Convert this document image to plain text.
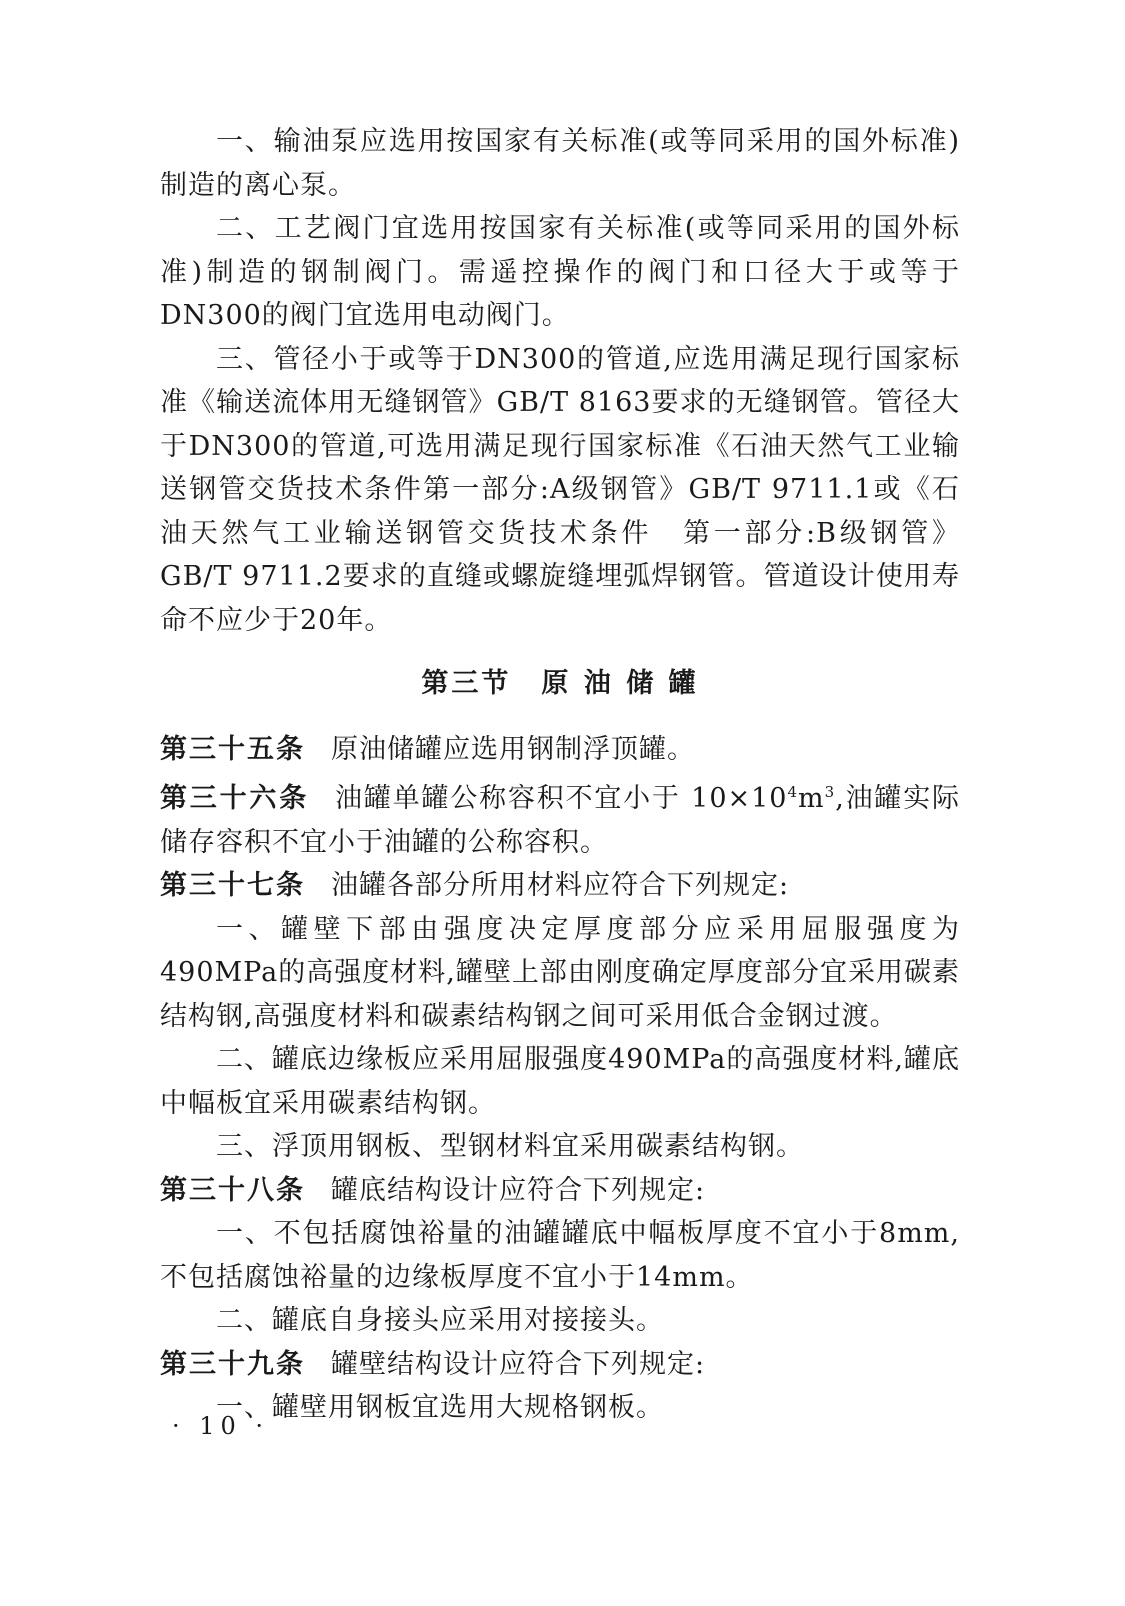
一、输油泵应选用按国家有关标准(或等同采用的国外标准)制造的离心泵。

二、工艺阀门宜选用按国家有关标准(或等同采用的国外标准)制造的钢制阀门。需遥控操作的阀门和口径大于或等于DN300的阀门宜选用电动阀门。

三、管径小于或等于DN300的管道,应选用满足现行国家标准《输送流体用无缝钢管》GB/T 8163要求的无缝钢管。管径大于DN300的管道,可选用满足现行国家标准《石油天然气工业输送钢管交货技术条件第一部分:A级钢管》GB/T 9711.1或《石油天然气工业输送钢管交货技术条件　第一部分:B级钢管》GB/T 9711.2要求的直缝或螺旋缝埋弧焊钢管。管道设计使用寿命不应少于20年。

第三节　原 油 储 罐

第三十五条 原油储罐应选用钢制浮顶罐。

第三十六条 油罐单罐公称容积不宜小于 $10\times 10^4m^3$,油罐实际储存容积不宜小于油罐的公称容积。

第三十七条 油罐各部分所用材料应符合下列规定:

一、罐壁下部由强度决定厚度部分应采用屈服强度为490MPa的高强度材料,罐壁上部由刚度确定厚度部分宜采用碳素结构钢,高强度材料和碳素结构钢之间可采用低合金钢过渡。

二、罐底边缘板应采用屈服强度490MPa的高强度材料,罐底中幅板宜采用碳素结构钢。

三、浮顶用钢板、型钢材料宜采用碳素结构钢。

第三十八条 罐底结构设计应符合下列规定:

一、不包括腐蚀裕量的油罐罐底中幅板厚度不宜小于8mm,不包括腐蚀裕量的边缘板厚度不宜小于14mm。

二、罐底自身接头应采用对接接头。

第三十九条 罐壁结构设计应符合下列规定:

一、罐壁用钢板宜选用大规格钢板。

· 10 ·
